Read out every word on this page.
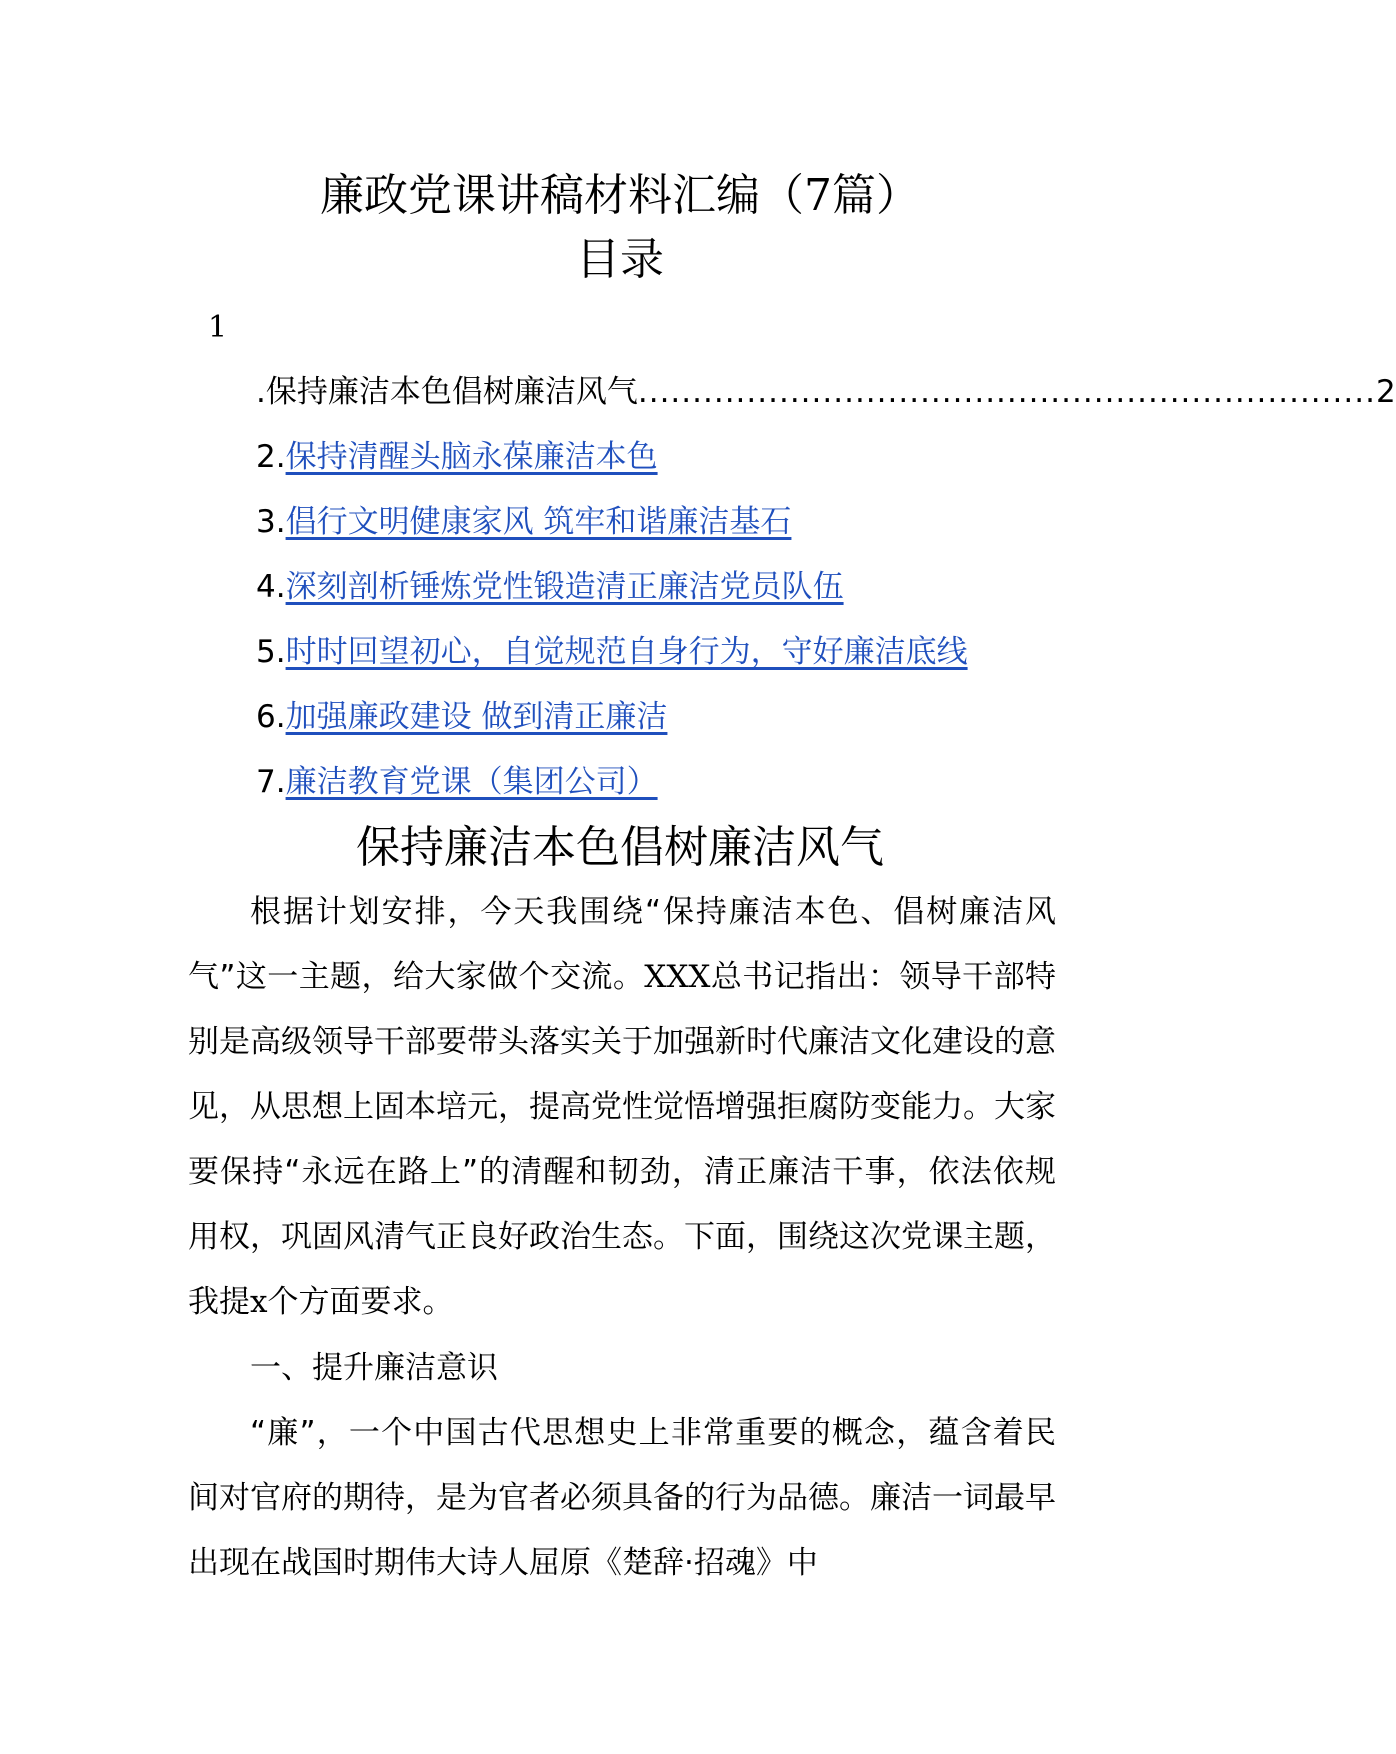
廉政党课讲稿材料汇编（7篇）
目录
1
.保持廉洁本色倡树廉洁风气 .................................................................... 2
2.保持清醒头脑永葆廉洁本色
3.倡行文明健康家风 筑牢和谐廉洁基石
4.深刻剖析锤炼党性锻造清正廉洁党员队伍
5.时时回望初心，自觉规范自身行为，守好廉洁底线
6.加强廉政建设 做到清正廉洁
7.廉洁教育党课（集团公司）
保持廉洁本色倡树廉洁风气

根据计划安排，今天我围绕“保持廉洁本色、倡树廉洁风气”这一主题，给大家做个交流。XXX总书记指出：领导干部特别是高级领导干部要带头落实关于加强新时代廉洁文化建设的意见，从思想上固本培元，提高党性觉悟增强拒腐防变能力。大家要保持“永远在路上”的清醒和韧劲，清正廉洁干事，依法依规用权，巩固风清气正良好政治生态。下面，围绕这次党课主题，我提x个方面要求。

一、提升廉洁意识

“廉”，一个中国古代思想史上非常重要的概念，蕴含着民间对官府的期待，是为官者必须具备的行为品德。廉洁一词最早出现在战国时期伟大诗人屈原《楚辞·招魂》中
